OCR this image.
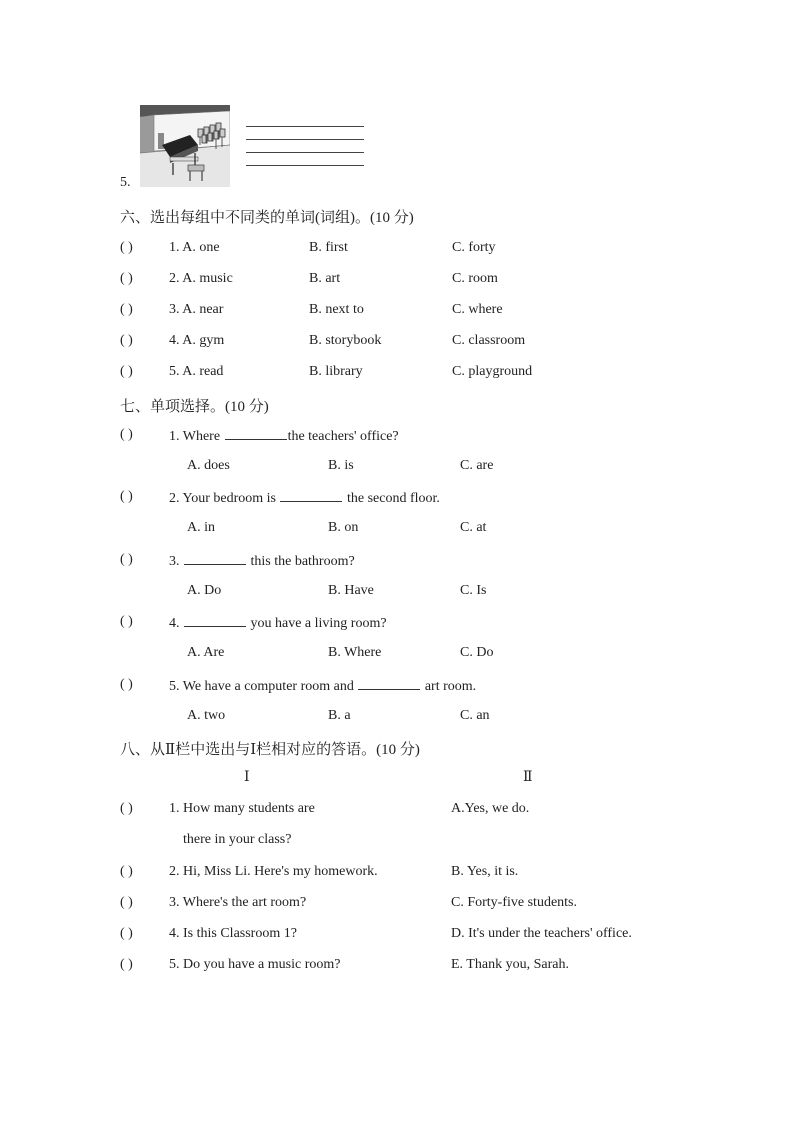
5.
六、选出每组中不同类的单词(词组)。(10 分)
( )	1. A. one	B. first	C. forty
( )	2. A. music	B. art	C. room
( )	3. A. near	B. next to	C. where
( )	4. A. gym	B. storybook	C. classroom
( )	5. A. read	B. library	C. playground
七、单项选择。(10 分)
( )	1. Where	the teachers' office?
A. does	B. is	C. are
( )	2. Your bedroom is	the second floor.
A. in	B. on	C. at
( )	3.	this the bathroom?
A. Do	B. Have	C. Is
( )	4.	you have a living room?
A. Are	B. Where	C. Do
( )	5. We have a computer room and	art room.
A. two	B. a	C. an
八、从Ⅱ栏中选出与Ⅰ栏相对应的答语。(10 分)
Ⅰ	Ⅱ
( )	1. How many students are	A.Yes, we do.
there in your class?
( )	2. Hi, Miss Li. Here's my homework.	B. Yes, it is.
( )	3. Where's the art room?	C. Forty-five students.
( )	4. Is this Classroom 1?	D. It's under the teachers' office.
( )	5. Do you have a music room?	E. Thank you, Sarah.
